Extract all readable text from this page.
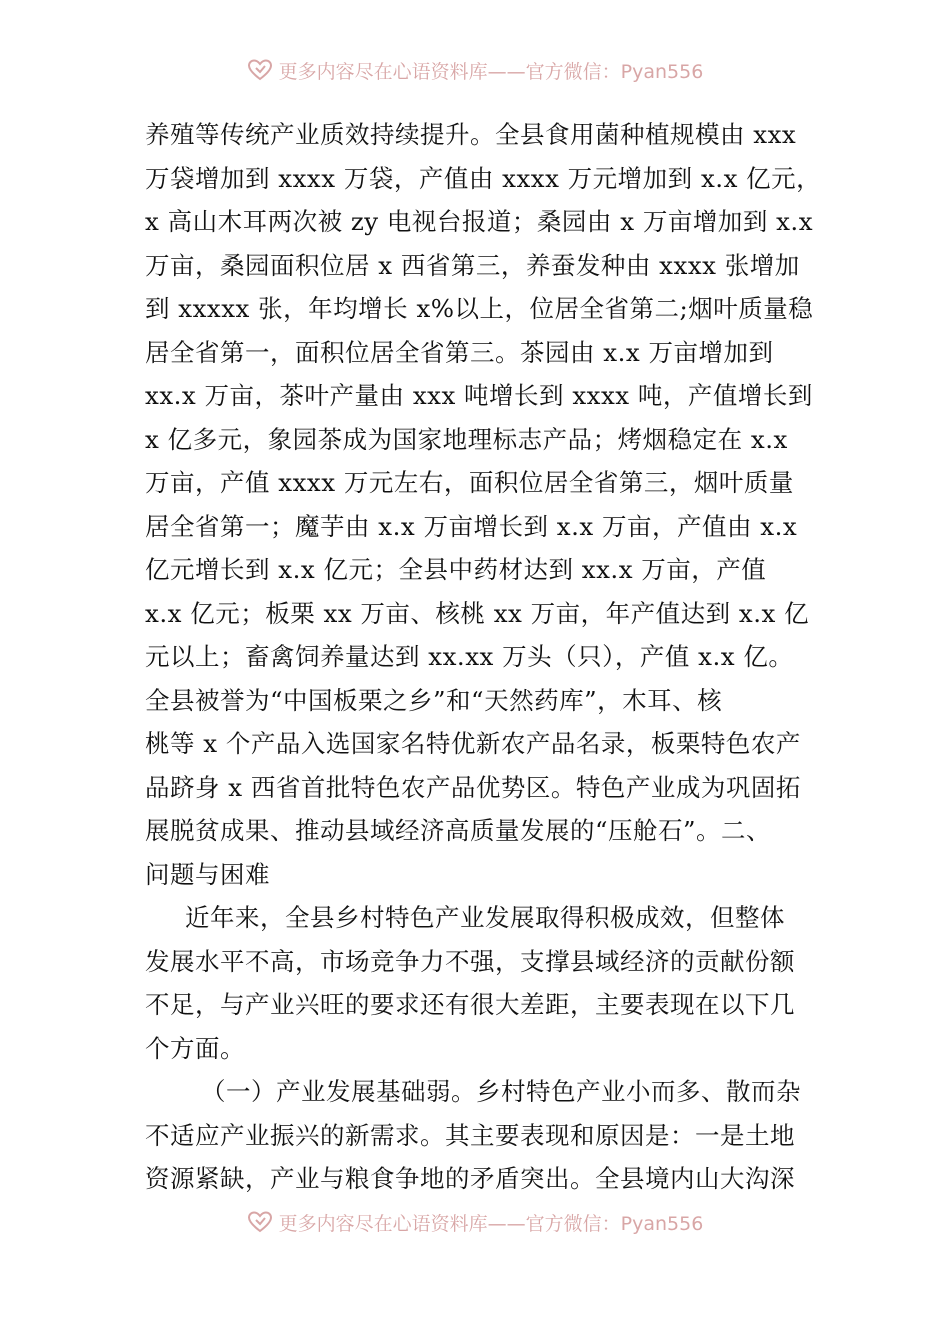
更多内容尽在心语资料库——官方微信：Pyan556
养殖等传统产业质效持续提升。全县食用菌种植规模由 xxx
万袋增加到 xxxx 万袋，产值由 xxxx 万元增加到 x.x 亿元，
x 高山木耳两次被 zy 电视台报道；桑园由 x 万亩增加到 x.x
万亩，桑园面积位居 x 西省第三，养蚕发种由 xxxx 张增加
到 xxxxx 张，年均增长 x%以上，位居全省第二;烟叶质量稳
居全省第一，面积位居全省第三。茶园由 x.x 万亩增加到
xx.x 万亩，茶叶产量由 xxx 吨增长到 xxxx 吨，产值增长到
x 亿多元，象园茶成为国家地理标志产品；烤烟稳定在 x.x
万亩，产值 xxxx 万元左右，面积位居全省第三，烟叶质量
居全省第一；魔芋由 x.x 万亩增长到 x.x 万亩，产值由 x.x
亿元增长到 x.x 亿元；全县中药材达到 xx.x 万亩，产值
x.x 亿元；板栗 xx 万亩、核桃 xx 万亩，年产值达到 x.x 亿
元以上；畜禽饲养量达到 xx.xx 万头（只），产值 x.x 亿。
全县被誉为“中国板栗之乡”和“天然药库”，木耳、核
桃等 x 个产品入选国家名特优新农产品名录，板栗特色农产
品跻身 x 西省首批特色农产品优势区。特色产业成为巩固拓
展脱贫成果、推动县域经济高质量发展的“压舱石”。二、
问题与困难
近年来，全县乡村特色产业发展取得积极成效，但整体
发展水平不高，市场竞争力不强，支撑县域经济的贡献份额
不足，与产业兴旺的要求还有很大差距，主要表现在以下几
个方面。
（一）产业发展基础弱。乡村特色产业小而多、散而杂
不适应产业振兴的新需求。其主要表现和原因是：一是土地
资源紧缺，产业与粮食争地的矛盾突出。全县境内山大沟深
更多内容尽在心语资料库——官方微信：Pyan556
